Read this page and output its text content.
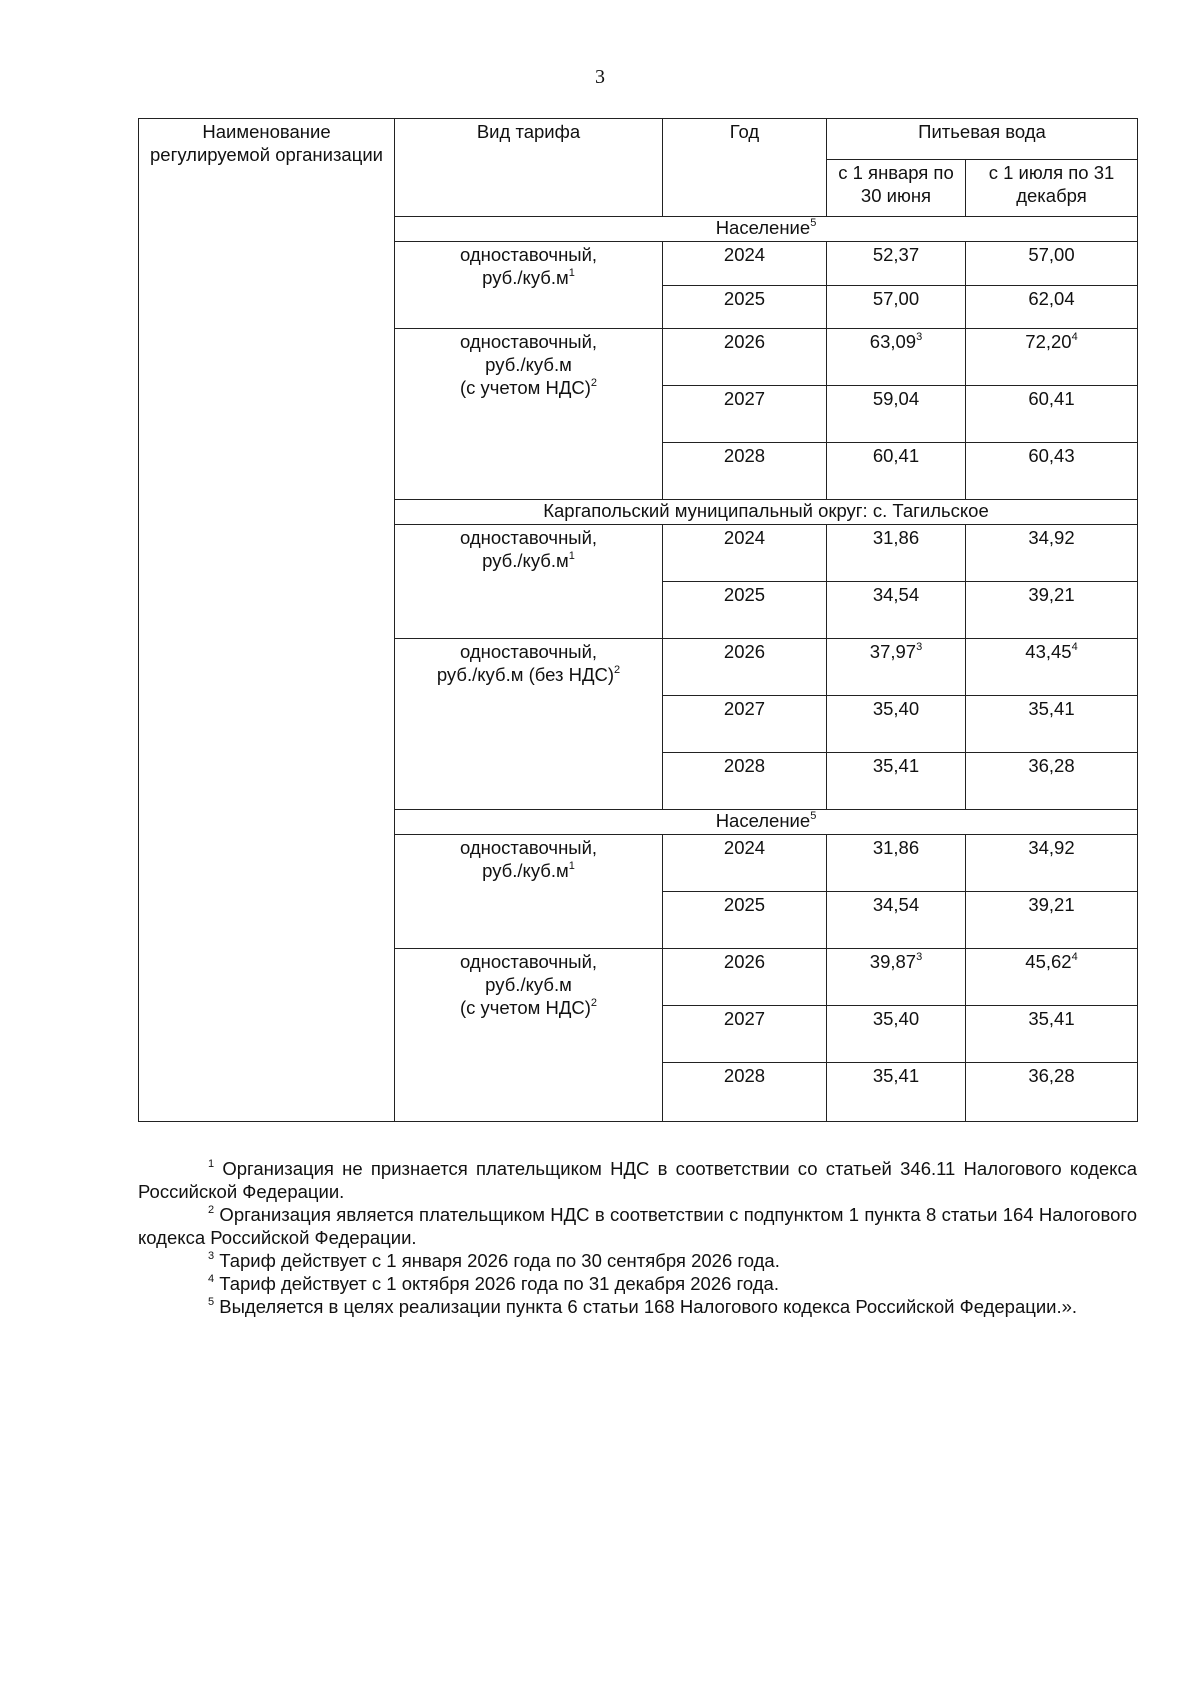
3
Наименование регулируемой организации	Вид тарифа	Год	Питьевая вода	
			с 1 января по 30 июня	с 1 июля по 31 декабря
	Население$^5$
	одноставочный,
$руб./куб.м^1$	2024	52,37	57,00
		2025	57,00	62,04
	одноставочный,
руб./куб.м
(с учетом НДС)$^2$	2026	63,09$^3$	72,20$^4$
		2027	59,04	60,41
		2028	60,41	60,43
	Каргапольский муниципальный округ: с. Тагильское			
	одноставочный,
$руб./куб.м^1$	2024	31,86	34,92
		2025	34,54	39,21
	одноставочный,
руб./куб.м (без НДС)$^2$	2026	37,97$^3$	43,45$^4$
		2027	35,40	35,41
		2028	35,41	36,28
	Население$^5$
	одноставочный,
$руб./куб.м^1$	2024	31,86	34,92
		2025	34,54	39,21
	одноставочный,
руб./куб.м
(с учетом НДС)$^2$	2026	39,87$^3$	45,62$^4$
		2027	35,40	35,41
		2028	35,41	36,28

$^1$ Организация не признается плательщиком НДС в соответствии со статьей 346.11 Налогового кодекса Российской Федерации.

$^2$ Организация является плательщиком НДС в соответствии с подпунктом 1 пункта 8 статьи 164 Налогового кодекса Российской Федерации.

$^3$ Тариф действует с 1 января 2026 года по 30 сентября 2026 года.

$^4$ Тариф действует с 1 октября 2026 года по 31 декабря 2026 года.

$^5$ Выделяется в целях реализации пункта 6 статьи 168 Налогового кодекса Российской Федерации.».
